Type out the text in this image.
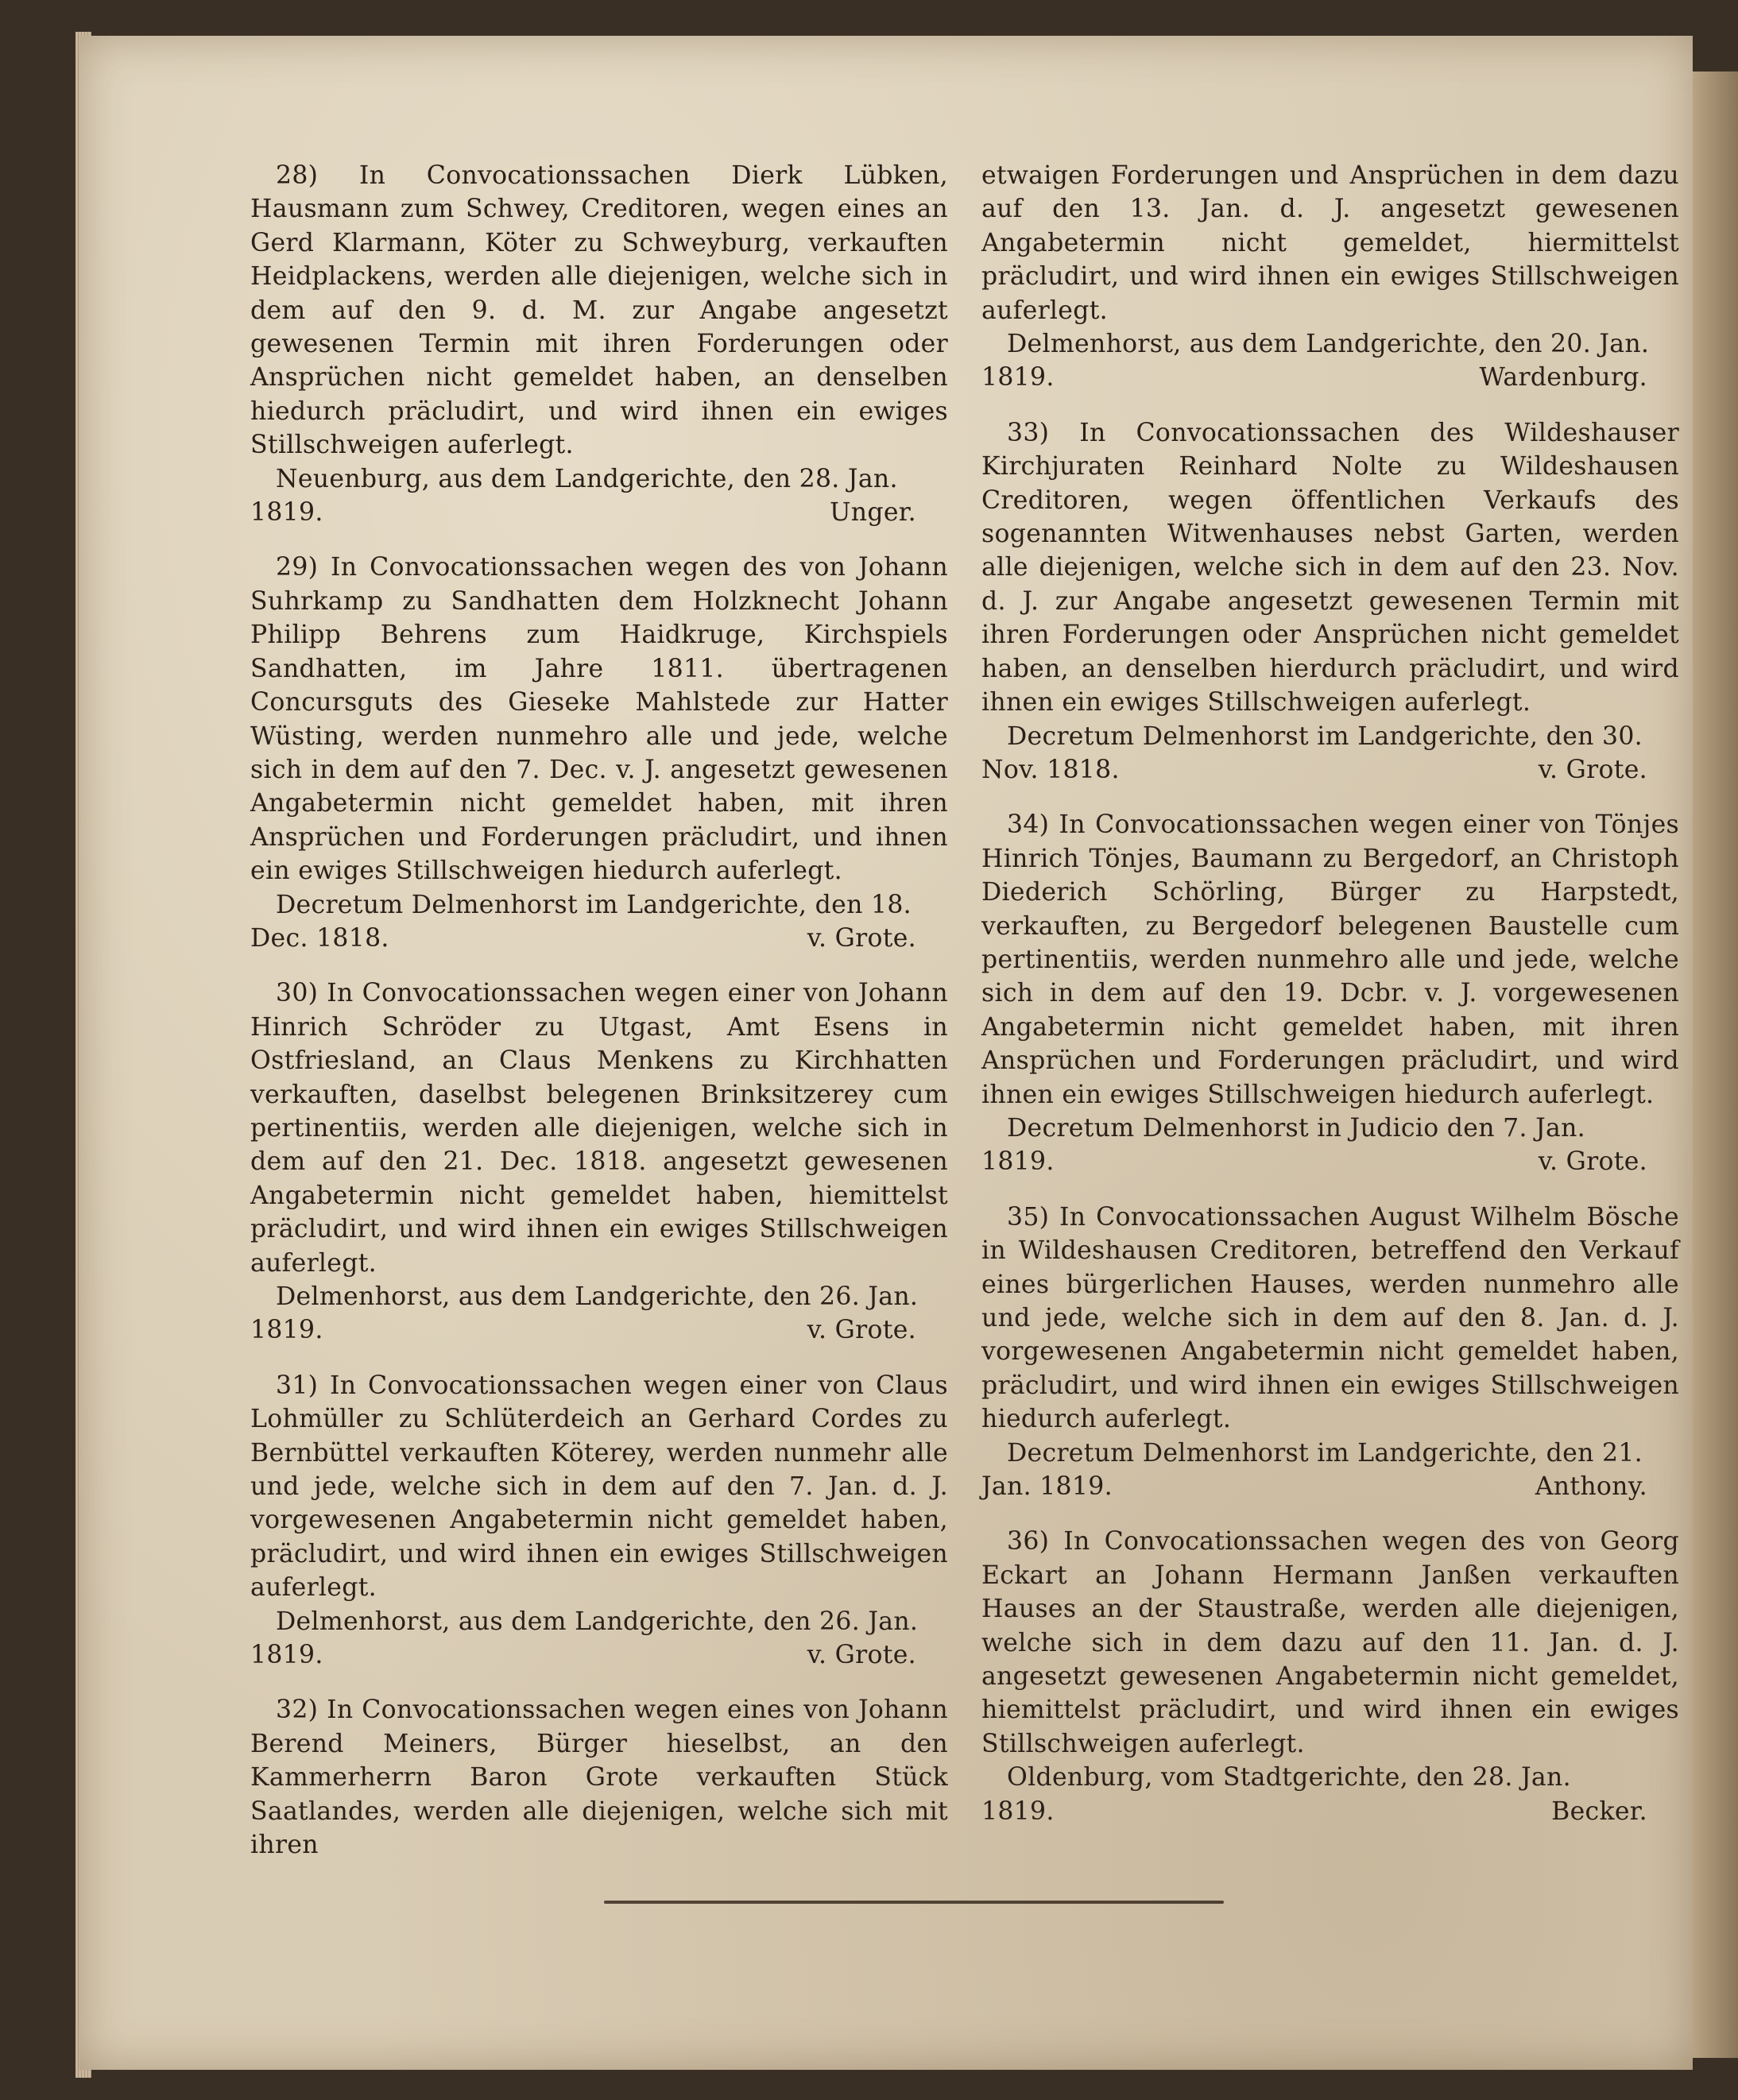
28) In Convocationssachen Dierk Lübken, Hausmann zum Schwey, Creditoren, wegen eines an Gerd Klarmann, Köter zu Schweyburg, verkauften Heidplackens, werden alle diejenigen, welche sich in dem auf den 9. d. M. zur Angabe angesetzt gewesenen Termin mit ihren Forderungen oder Ansprüchen nicht gemeldet haben, an denselben hiedurch präcludirt, und wird ihnen ein ewiges Stillschweigen auferlegt.

Neuenburg, aus dem Landgerichte, den 28. Jan.

1819.	Unger.

29) In Convocationssachen wegen des von Johann Suhrkamp zu Sandhatten dem Holzknecht Johann Philipp Behrens zum Haidkruge, Kirchspiels Sandhatten, im Jahre 1811. übertragenen Concursguts des Gieseke Mahlstede zur Hatter Wüsting, werden nunmehro alle und jede, welche sich in dem auf den 7. Dec. v. J. angesetzt gewesenen Angabetermin nicht gemeldet haben, mit ihren Ansprüchen und Forderungen präcludirt, und ihnen ein ewiges Stillschweigen hiedurch auferlegt.

Decretum Delmenhorst im Landgerichte, den 18.

Dec. 1818.	v. Grote.

30) In Convocationssachen wegen einer von Johann Hinrich Schröder zu Utgast, Amt Esens in Ostfriesland, an Claus Menkens zu Kirchhatten verkauften, daselbst belegenen Brinksitzerey cum pertinentiis, werden alle diejenigen, welche sich in dem auf den 21. Dec. 1818. angesetzt gewesenen Angabetermin nicht gemeldet haben, hiemittelst präcludirt, und wird ihnen ein ewiges Stillschweigen auferlegt.

Delmenhorst, aus dem Landgerichte, den 26. Jan.

1819.	v. Grote.

31) In Convocationssachen wegen einer von Claus Lohmüller zu Schlüterdeich an Gerhard Cordes zu Bernbüttel verkauften Köterey, werden nunmehr alle und jede, welche sich in dem auf den 7. Jan. d. J. vorgewesenen Angabetermin nicht gemeldet haben, präcludirt, und wird ihnen ein ewiges Stillschweigen auferlegt.

Delmenhorst, aus dem Landgerichte, den 26. Jan.

1819.	v. Grote.

32) In Convocationssachen wegen eines von Johann Berend Meiners, Bürger hieselbst, an den Kammerherrn Baron Grote verkauften Stück Saatlandes, werden alle diejenigen, welche sich mit ihren

etwaigen Forderungen und Ansprüchen in dem dazu auf den 13. Jan. d. J. angesetzt gewesenen Angabetermin nicht gemeldet, hiermittelst präcludirt, und wird ihnen ein ewiges Stillschweigen auferlegt.

Delmenhorst, aus dem Landgerichte, den 20. Jan.

1819.	Wardenburg.

33) In Convocationssachen des Wildeshauser Kirchjuraten Reinhard Nolte zu Wildeshausen Creditoren, wegen öffentlichen Verkaufs des sogenannten Witwenhauses nebst Garten, werden alle diejenigen, welche sich in dem auf den 23. Nov. d. J. zur Angabe angesetzt gewesenen Termin mit ihren Forderungen oder Ansprüchen nicht gemeldet haben, an denselben hierdurch präcludirt, und wird ihnen ein ewiges Stillschweigen auferlegt.

Decretum Delmenhorst im Landgerichte, den 30.

Nov. 1818.	v. Grote.

34) In Convocationssachen wegen einer von Tönjes Hinrich Tönjes, Baumann zu Bergedorf, an Christoph Diederich Schörling, Bürger zu Harpstedt, verkauften, zu Bergedorf belegenen Baustelle cum pertinentiis, werden nunmehro alle und jede, welche sich in dem auf den 19. Dcbr. v. J. vorgewesenen Angabetermin nicht gemeldet haben, mit ihren Ansprüchen und Forderungen präcludirt, und wird ihnen ein ewiges Stillschweigen hiedurch auferlegt.

Decretum Delmenhorst in Judicio den 7. Jan.

1819.	v. Grote.

35) In Convocationssachen August Wilhelm Bösche in Wildeshausen Creditoren, betreffend den Verkauf eines bürgerlichen Hauses, werden nunmehro alle und jede, welche sich in dem auf den 8. Jan. d. J. vorgewesenen Angabetermin nicht gemeldet haben, präcludirt, und wird ihnen ein ewiges Stillschweigen hiedurch auferlegt.

Decretum Delmenhorst im Landgerichte, den 21.

Jan. 1819.	Anthony.

36) In Convocationssachen wegen des von Georg Eckart an Johann Hermann Janßen verkauften Hauses an der Staustraße, werden alle diejenigen, welche sich in dem dazu auf den 11. Jan. d. J. angesetzt gewesenen Angabetermin nicht gemeldet, hiemittelst präcludirt, und wird ihnen ein ewiges Stillschweigen auferlegt.

Oldenburg, vom Stadtgerichte, den 28. Jan.

1819.	Becker.
